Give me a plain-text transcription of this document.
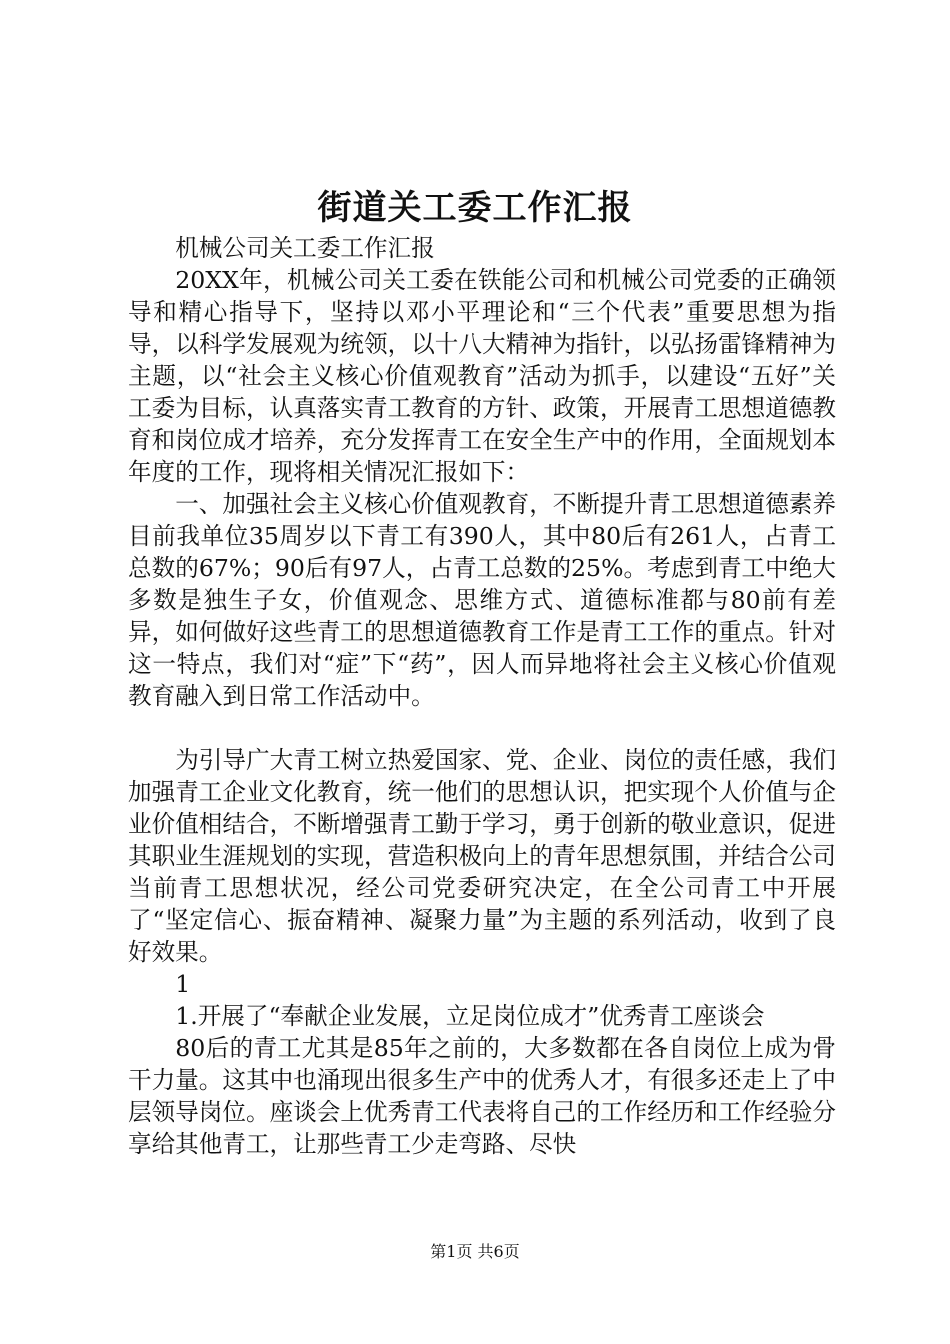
街道关工委工作汇报

机械公司关工委工作汇报

20XX年，机械公司关工委在铁能公司和机械公司党委的正确领导和精心指导下，坚持以邓小平理论和“三个代表”重要思想为指导，以科学发展观为统领，以十八大精神为指针，以弘扬雷锋精神为主题，以“社会主义核心价值观教育”活动为抓手，以建设“五好”关工委为目标，认真落实青工教育的方针、政策，开展青工思想道德教育和岗位成才培养，充分发挥青工在安全生产中的作用，全面规划本年度的工作，现将相关情况汇报如下：

一、加强社会主义核心价值观教育，不断提升青工思想道德素养目前我单位35周岁以下青工有390人，其中80后有261人，占青工总数的67%；90后有97人，占青工总数的25%。考虑到青工中绝大多数是独生子女，价值观念、思维方式、道德标准都与80前有差异，如何做好这些青工的思想道德教育工作是青工工作的重点。针对这一特点，我们对“症”下“药”，因人而异地将社会主义核心价值观教育融入到日常工作活动中。

为引导广大青工树立热爱国家、党、企业、岗位的责任感，我们加强青工企业文化教育，统一他们的思想认识，把实现个人价值与企业价值相结合，不断增强青工勤于学习，勇于创新的敬业意识，促进其职业生涯规划的实现，营造积极向上的青年思想氛围，并结合公司当前青工思想状况，经公司党委研究决定，在全公司青工中开展了“坚定信心、振奋精神、凝聚力量”为主题的系列活动，收到了良好效果。

1

1.开展了“奉献企业发展，立足岗位成才”优秀青工座谈会

80后的青工尤其是85年之前的，大多数都在各自岗位上成为骨干力量。这其中也涌现出很多生产中的优秀人才，有很多还走上了中层领导岗位。座谈会上优秀青工代表将自己的工作经历和工作经验分享给其他青工，让那些青工少走弯路、尽快

第1页 共6页
